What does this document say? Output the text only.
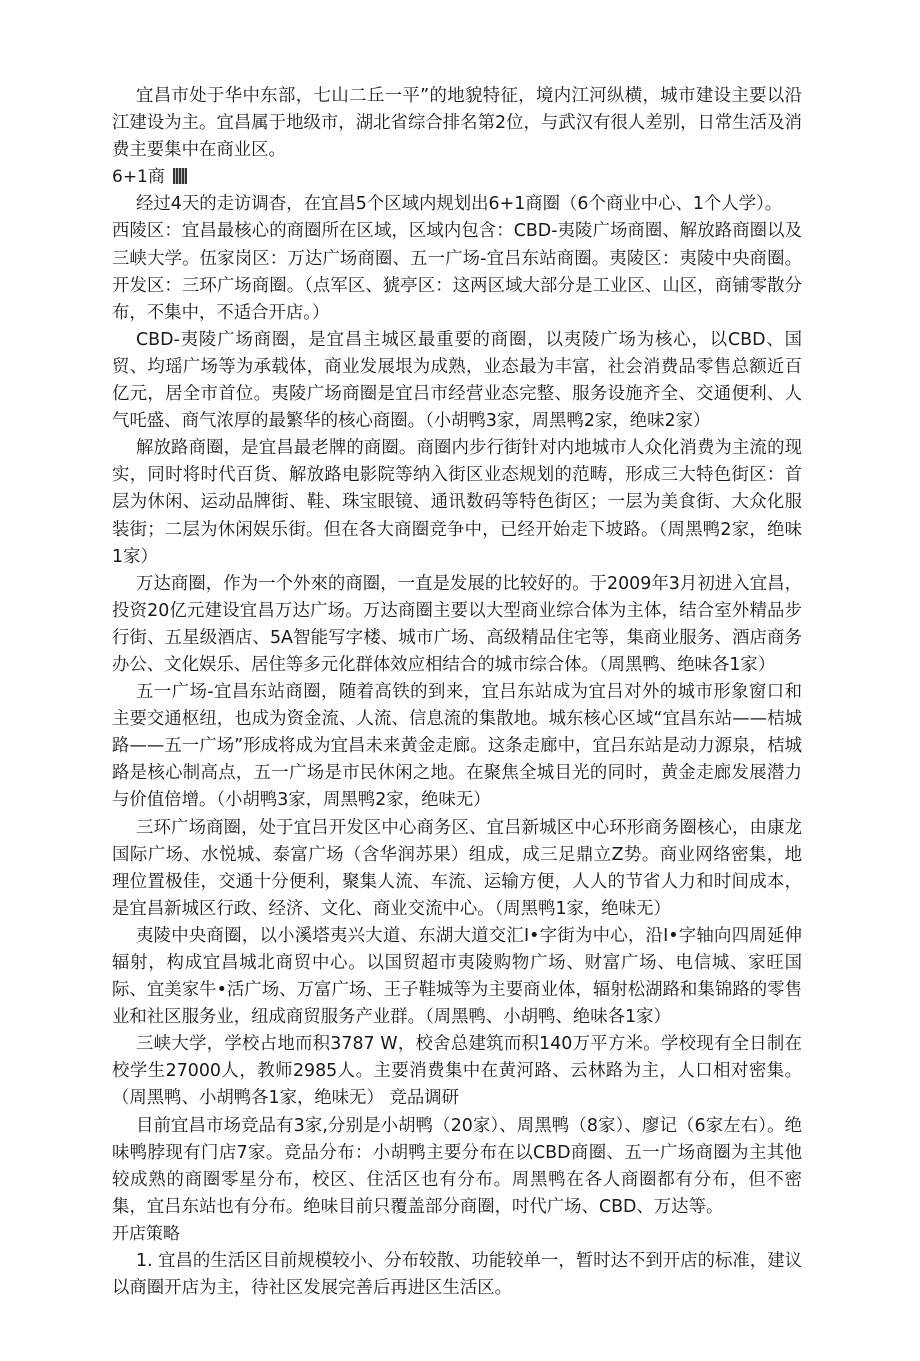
宜昌市处于华中东部，七山二丘一平”的地貌特征，境内江河纵横，城市建设主要以沿江建设为主。宜昌属于地级市，湖北省综合排名第2位，与武汉有很人差别，日常生活及消费主要集中在商业区。

6+1商

经过4天的走访调杳，在宜昌5个区域内规划出6+1商圈（6个商业中心、1个人学）。

西陵区：宜昌最核心的商圈所在区域，区域内包含：CBD-夷陵广场商圈、解放路商圈以及三峡大学。伍家岗区：万达广场商圈、五一广场-宜吕东站商圈。夷陵区：夷陵中央商圈。开发区：三环广场商圈。（点军区、猇亭区：这两区域大部分是工业区、山区，商铺零散分布，不集中，不适合开店。）

CBD-夷陵广场商圈，是宜昌主城区最重要的商圈，以夷陵广场为核心，以CBD、国贸、均瑶广场等为承载体，商业发展垠为成熟，业态最为丰富，社会消费品零售总额近百亿元，居全市首位。夷陵广场商圈是宜吕市经营业态完整、服务设施齐全、交通便利、人气吒盛、商气浓厚的最繁华的核心商圈。（小胡鸭3家，周黑鸭2家，绝味2家）

解放路商圈，是宜昌最老牌的商圈。商圈内步行街针对内地城市人众化消费为主流的现实，同时将时代百货、解放路电影院等纳入街区业态规划的范畴，形成三大特色街区：首层为休闲、运动品牌街、鞋、珠宝眼镜、通讯数码等特色街区；一层为美食街、大众化服装街；二层为休闲娱乐街。但在各大商圈竞争中，已经开始走下坡路。（周黑鸭2家，绝味1家）

万达商圈，作为一个外來的商圈，一直是发展的比较好的。于2009年3月初进入宜昌，投资20亿元建设宜昌万达广场。万达商圈主要以大型商业综合体为主体，结合室外精品步行街、五星级酒店、5A智能写字楼、城市广场、高级精品住宅等，集商业服务、酒店商务办公、文化娱乐、居住等多元化群体效应相结合的城市综合体。（周黑鸭、绝味各1家）

五一广场-宜昌东站商圈，随着高铁的到来，宜吕东站成为宜吕对外的城市形象窗口和主要交通枢纽，也成为资金流、人流、信息流的集散地。城东核心区域“宜昌东站——桔城路——五一广场”形成将成为宜昌未来黄金走廊。这条走廊中，宜吕东站是动力源泉，桔城路是核心制高点，五一广场是市民休闲之地。在聚焦全城目光的同时，黄金走廊发展潜力与价值倍增。（小胡鸭3家，周黑鸭2家，绝味无）

三环广场商圈，处于宜吕开发区中心商务区、宜吕新城区中心环形商务圈核心，由康龙国际广场、水悦城、泰富广场（含华润苏果）组成，成三足鼎立Z势。商业网络密集，地理位置极佳，交通十分便利，聚集人流、车流、运输方便，人人的节省人力和时间成本，是宜昌新城区行政、经济、文化、商业交流中心。（周黑鸭1家，绝味无）

夷陵中央商圈，以小溪塔夷兴大道、东湖大道交汇I•字街为中心，沿I•字轴向四周延伸辐射，构成宜昌城北商贸中心。以国贸超市夷陵购物广场、财富广场、电信城、家旺国际、宜美家牛•活广场、万富广场、王子鞋城等为主要商业体，辐射松湖路和集锦路的零售业和社区服务业，纽成商贸服务产业群。（周黑鸭、小胡鸭、绝味各1家）

三峡大学，学校占地而积3787 W，校舍总建筑而积140万平方米。学校现有全日制在校学生27000人，教师2985人。主要消费集中在黄河路、云林路为主，人口相对密集。（周黑鸭、小胡鸭各1家，绝味无） 竞品调研

目前宜昌市场竞品有3家,分别是小胡鸭（20家）、周黑鸭（8家）、廖记（6家左右）。绝味鸭脖现有门店7家。竞品分布：小胡鸭主要分布在以CBD商圈、五一广场商圈为主其他较成熟的商圈零星分布，校区、住活区也有分布。周黑鸭在各人商圈都有分布，但不密集，宜吕东站也有分布。绝味目前只覆盖部分商圈，吋代广场、CBD、万达等。

开店策略

1. 宜昌的生活区目前规模较小、分布较散、功能较单一，暂时达不到开店的标准，建议以商圈开店为主，待社区发展完善后再进区生活区。
